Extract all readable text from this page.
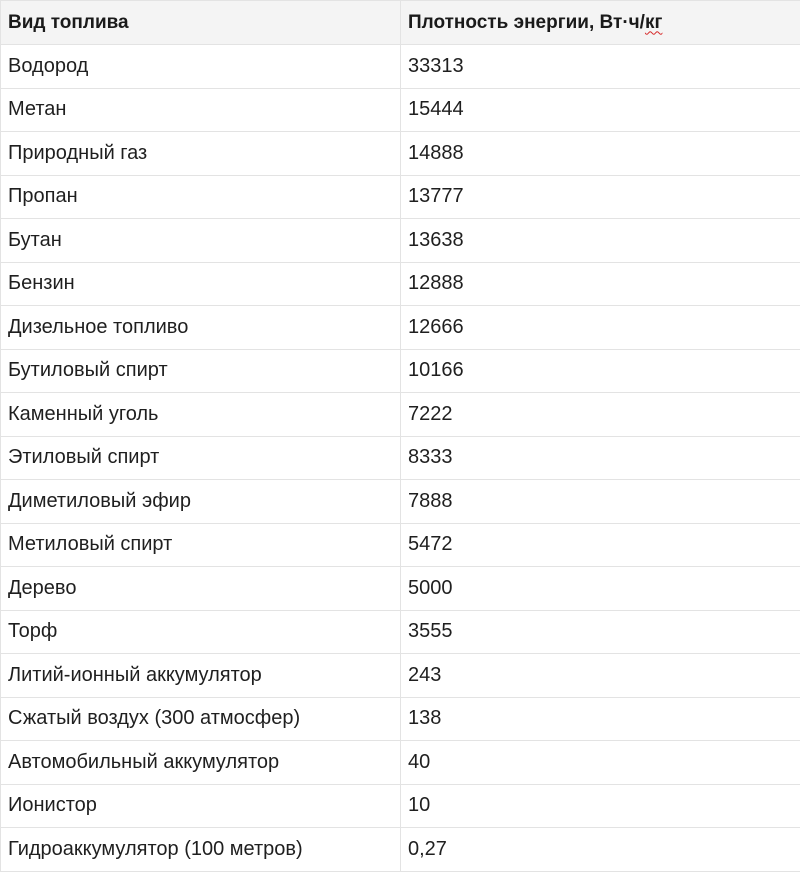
Вид топлива	Плотность энергии, Вт·ч/кг
Водород	33313
Метан	15444
Природный газ	14888
Пропан	13777
Бутан	13638
Бензин	12888
Дизельное топливо	12666
Бутиловый спирт	10166
Каменный уголь	7222
Этиловый спирт	8333
Диметиловый эфир	7888
Метиловый спирт	5472
Дерево	5000
Торф	3555
Литий-ионный аккумулятор	243
Сжатый воздух (300 атмосфер)	138
Автомобильный аккумулятор	40
Ионистор	10
Гидроаккумулятор (100 метров)	0,27
